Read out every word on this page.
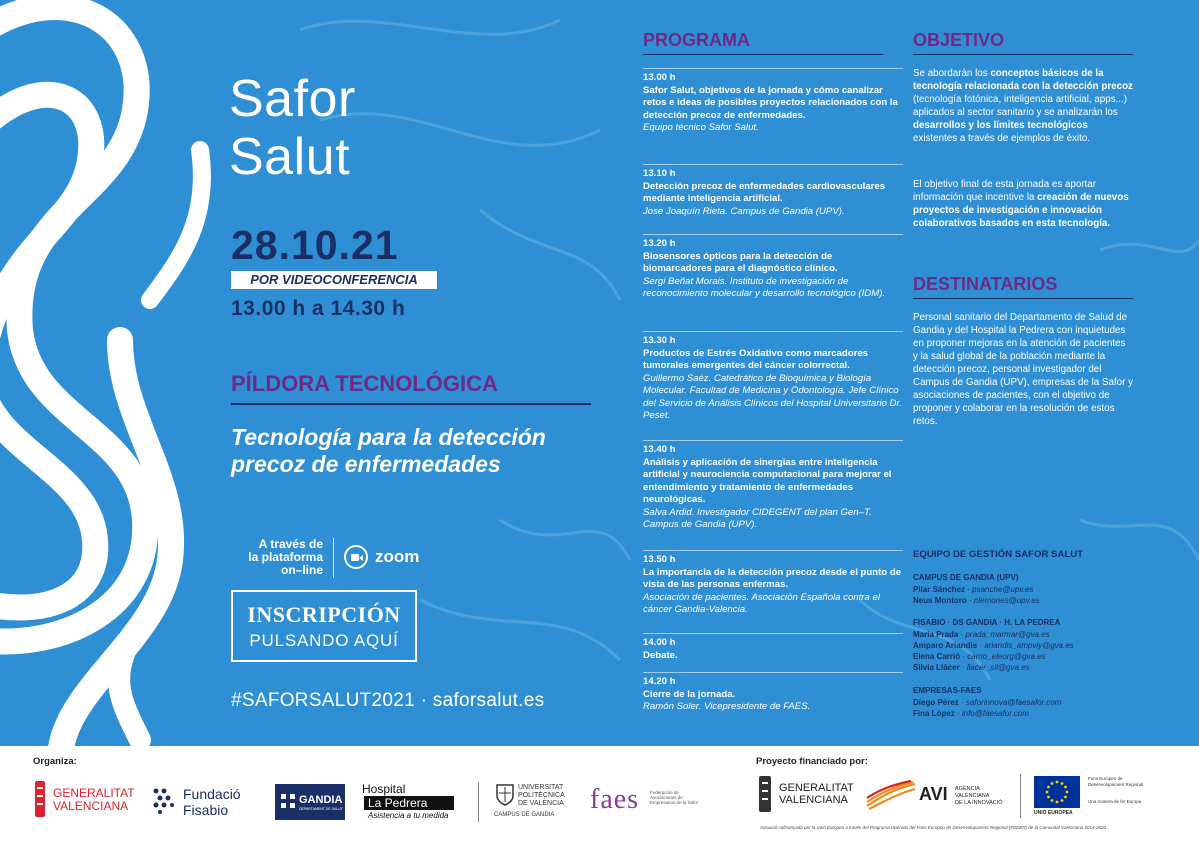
Safor
Salut
28.10.21
POR VIDEOCONFERENCIA
13.00 h a 14.30 h
PÍLDORA TECNOLÓGICA
Tecnología para la detección precoz de enfermedades
A través de
la plataforma
on–line
zoom
INSCRIPCIÓN
PULSANDO AQUÍ
#SAFORSALUT2021 · saforsalut.es
PROGRAMA
13.00 h
Safor Salut, objetivos de la jornada y cómo canalizar retos e ideas de posibles proyectos relacionados con la detección precoz de enfermedades.
Equipo técnico Safor Salut.
13.10 h
Detección precoz de enfermedades cardiovasculares mediante inteligencia artificial.
Jose Joaquín Rieta. Campus de Gandia (UPV).
13.20 h
Biosensores ópticos para la detección de biomarcadores para el diagnóstico clínico.
Sergi Beñat Morais. Instituto de investigación de reconocimiento molecular y desarrollo tecnológico (IDM).
13.30 h
Productos de Estrés Oxidativo como marcadores tumorales emergentes del cáncer colorrectal.
Guillermo Saéz. Catedrático de Bioquímica y Biología Molecular. Facultad de Medicina y Odontología. Jefe Clínico del Servicio de Análisis Clínicos del Hospital Universitario Dr. Peset.
13.40 h
Análisis y aplicación de sinergias entre inteligencia artificial y neurociencia computacional para mejorar el entendimiento y tratamiento de enfermedades neurológicas.
Salva Ardid. Investigador CIDEGENT del plan Gen–T. Campus de Gandia (UPV).
13.50 h
La importancia de la detección precoz desde el punto de vista de las personas enfermas.
Asociación de pacientes. Asociación Española contra el cáncer Gandia-Valencia.
14.00 h
Debate.
14.20 h
Cierre de la jornada.
Ramón Soler. Vicepresidente de FAES.
OBJETIVO
Se abordarán los conceptos básicos de la tecnología relacionada con la detección precoz (tecnología fotónica, inteligencia artificial, apps...) aplicados al sector sanitario y se analizarán los desarrollos y los límites tecnológicos existentes a través de ejemplos de éxito.
El objetivo final de esta jornada es aportar información que incentive la creación de nuevos proyectos de investigación e innovación colaborativos basados en esta tecnología.
DESTINATARIOS
Personal sanitario del Departamento de Salud de Gandia y del Hospital la Pedrera con inquietudes en proponer mejoras en la atención de pacientes y la salud global de la población mediante la detección precoz, personal investigador del Campus de Gandia (UPV), empresas de la Safor y asociaciones de pacientes, con el objetivo de proponer y colaborar en la resolución de estos retos.
EQUIPO DE GESTIÓN SAFOR SALUT
CAMPUS DE GANDIA (UPV)
Pilar Sánchez · psanche@upv.es
Neus Montoro · nlemones@upv.es
FISABIO · DS GANDIA · H. LA PEDREA
María Prada · prada_marmar@gva.es
Amparo Ariandis · ariandis_ampviy@gva.es
Elena Carrió · carrio_eleorg@gva.es
Silvia Llácer · llacer_sil@gva.es
EMPRESAS-FAES
Diego Pérez · saforinnova@faesafor.com
Fina López · info@faesafor.com
Organiza:	Proyecto financiado por:
GENERALITAT
VALENCIANA
Fundació
Fisabio
GANDIA
DEPARTAMENT DE SALUT
Hospital
La Pedrera
Asistencia a tu medida
UNIVERSITAT
POLITÈCNICA
DE VALÈNCIA
CAMPUS DE GANDIA faes Federación de Asociaciones de Empresarios de la Safor
GENERALITAT
VALENCIANA	AVI AGÈNCIA VALENCIANA
DE LA INNOVACIÓ
UNIÓ EUROPEA
Fons Europeu de
Desenvolupament Regional
Una manera de fer Europa
Actuació cofinançada per la Unió Europea a través del Programa Operatiu del Fons Europeu de Desenvolupament Regional (FEDER) de la Comunitat Valenciana 2014-2020
